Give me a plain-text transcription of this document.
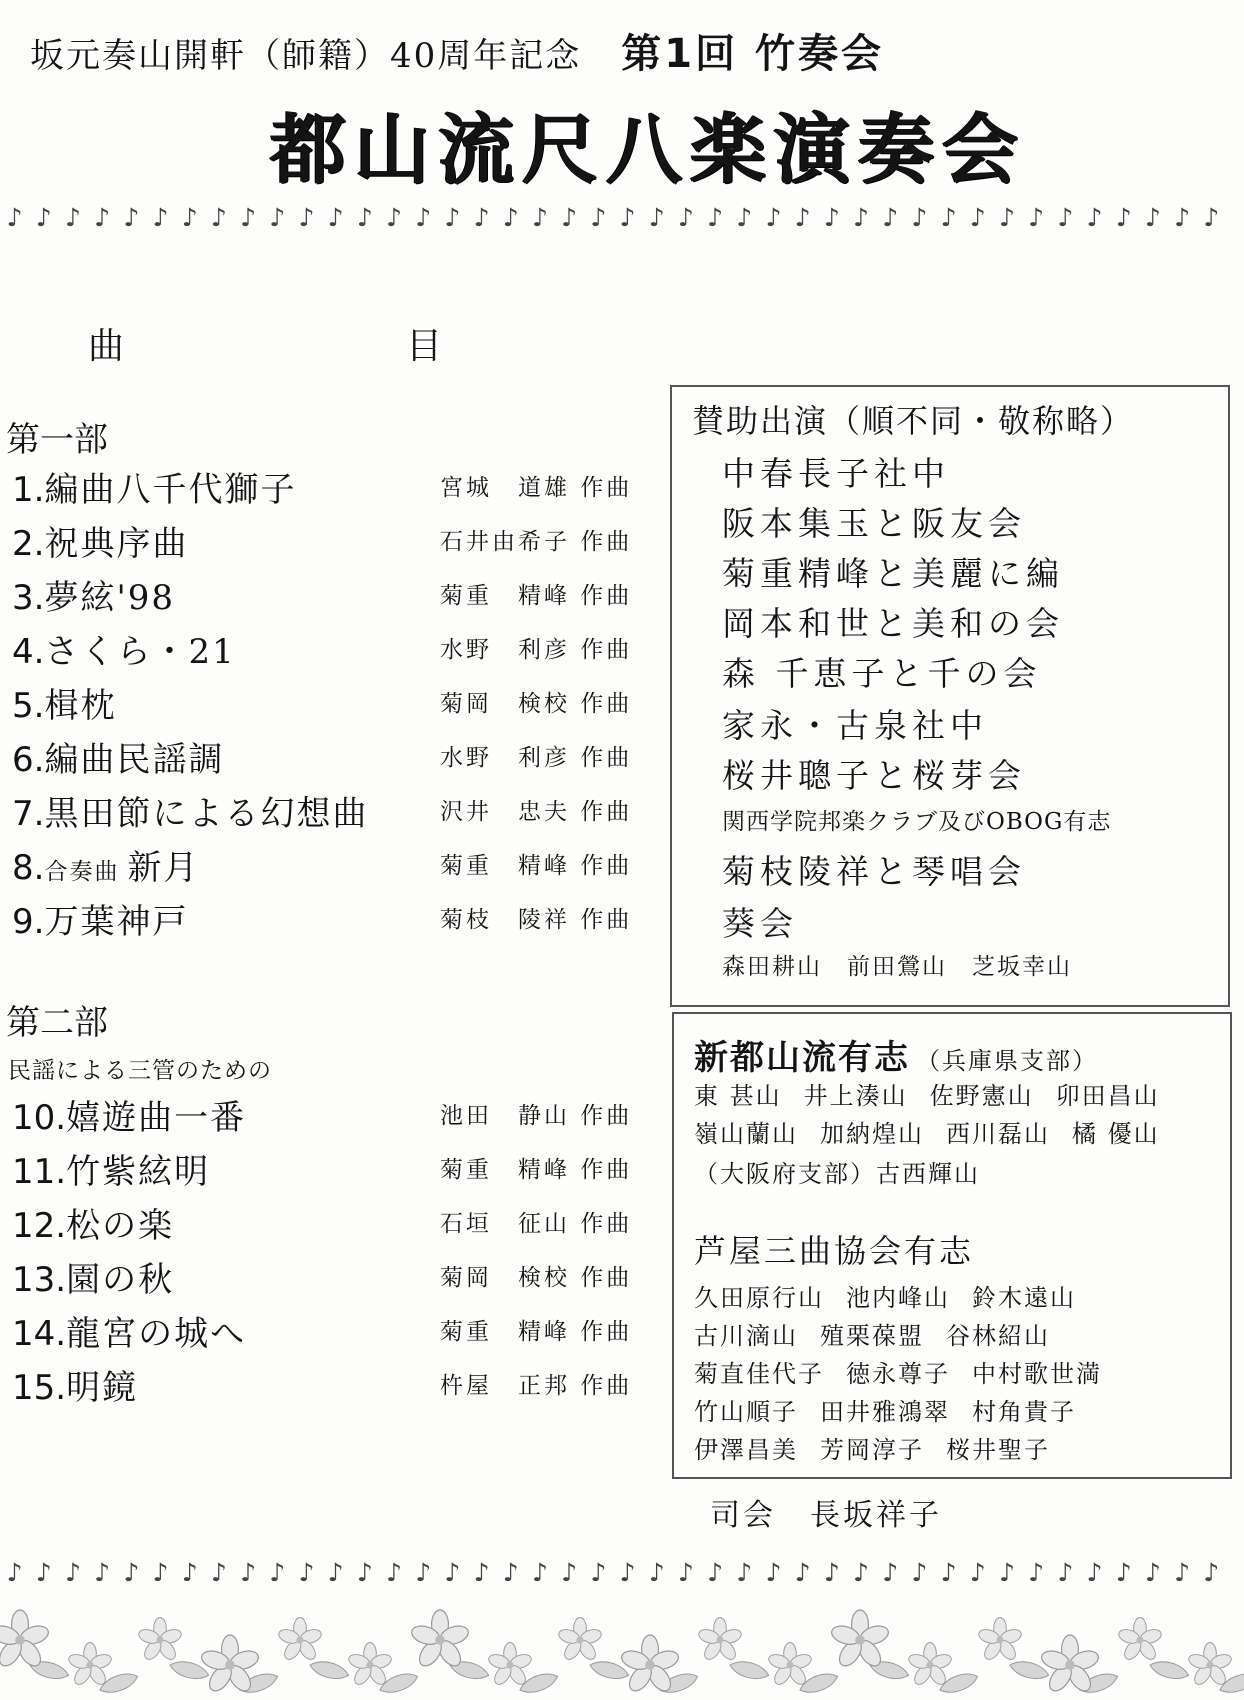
坂元奏山開軒（師籍）40周年記念 第1回 竹奏会
都山流尺八楽演奏会
♪ ♪ ♪ ♪ ♪ ♪ ♪ ♪ ♪ ♪ ♪ ♪ ♪ ♪ ♪ ♪ ♪ ♪ ♪ ♪ ♪ ♪ ♪ ♪ ♪ ♪ ♪ ♪ ♪ ♪ ♪ ♪ ♪ ♪ ♪ ♪ ♪ ♪ ♪ ♪ ♪ ♪
曲　　目
第一部
1.編曲八千代獅子	宮城　道雄 作曲
2.祝典序曲	石井由希子 作曲
3.夢絃'98	菊重　精峰 作曲
4.さくら・21	水野　利彦 作曲
5.楫枕	菊岡　検校 作曲
6.編曲民謡調	水野　利彦 作曲
7.黒田節による幻想曲	沢井　忠夫 作曲
8.合奏曲 新月	菊重　精峰 作曲
9.万葉神戸	菊枝　陵祥 作曲
第二部
民謡による三管のための
10.嬉遊曲一番	池田　静山 作曲
11.竹紫絃明	菊重　精峰 作曲
12.松の楽	石垣　征山 作曲
13.園の秋	菊岡　検校 作曲
14.龍宮の城へ	菊重　精峰 作曲
15.明鏡	杵屋　正邦 作曲
賛助出演（順不同・敬称略）
中春長子社中
阪本集玉と阪友会
菊重精峰と美麗に編
岡本和世と美和の会
森 千恵子と千の会
家永・古泉社中
桜井聰子と桜芽会
関西学院邦楽クラブ及びOBOG有志
菊枝陵祥と琴唱会
葵会
森田耕山　前田鶯山　芝坂幸山
新都山流有志 （兵庫県支部）
東 甚山 井上湊山 佐野憲山 卯田昌山
嶺山蘭山 加納煌山 西川磊山 橘 優山
（大阪府支部）古西輝山
芦屋三曲協会有志
久田原行山 池内峰山 鈴木遠山
古川滴山 殖栗葆盟 谷林紹山
菊直佳代子 徳永尊子 中村歌世満
竹山順子 田井雅鴻翠 村角貴子
伊澤昌美 芳岡淳子 桜井聖子
司会 長坂祥子
♪ ♪ ♪ ♪ ♪ ♪ ♪ ♪ ♪ ♪ ♪ ♪ ♪ ♪ ♪ ♪ ♪ ♪ ♪ ♪ ♪ ♪ ♪ ♪ ♪ ♪ ♪ ♪ ♪ ♪ ♪ ♪ ♪ ♪ ♪ ♪ ♪ ♪ ♪ ♪ ♪ ♪
